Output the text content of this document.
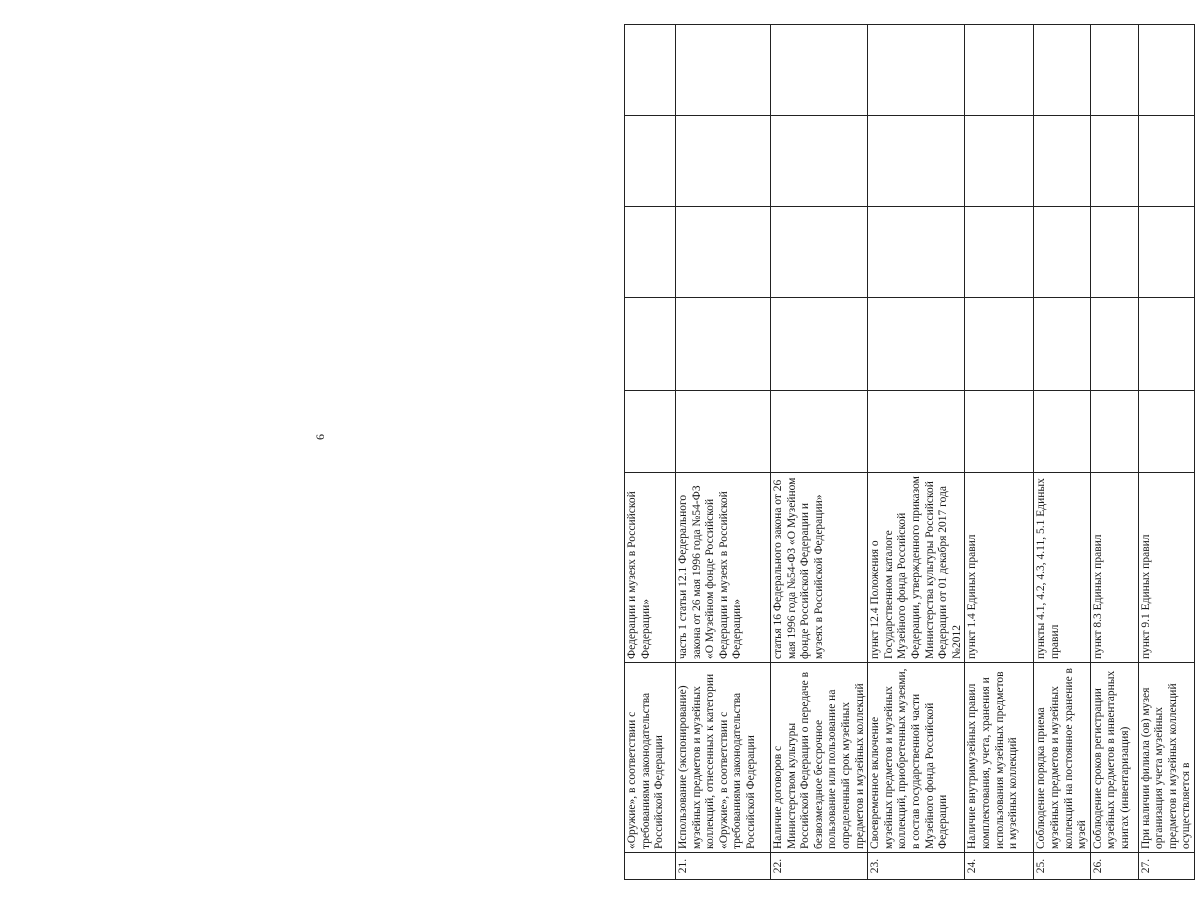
6
	«Оружие», в соответствии с требованиями законодательства Российской Федерации	Федерации и музеях в Российской Федерации»					
21.	Использование (экспонирование) музейных предметов и музейных коллекций, отнесенных к категории «Оружие», в соответствии с требованиями законодательства Российской Федерации	часть 1 статьи 12.1 Федерального закона от 26 мая 1996 года №54-ФЗ «О Музейном фонде Российской Федерации и музеях в Российской Федерации»					
22.	Наличие договоров с Министерством культуры Российской Федерации о передаче в безвозмездное бессрочное пользование или пользование на определенный срок музейных предметов и музейных коллекций	статья 16 Федерального закона от 26 мая 1996 года №54-ФЗ «О Музейном фонде Российской Федерации и музеях в Российской Федерации»					
23.	Своевременное включение музейных предметов и музейных коллекций, приобретенных музеями, в состав государственной части Музейного фонда Российской Федерации	пункт 12.4 Положения о Государственном каталоге Музейного фонда Российской Федерации, утвержденного приказом Министерства культуры Российской Федерации от 01 декабря 2017 года №2012					
24.	Наличие внутримузейных правил комплектования, учета, хранения и использования музейных предметов и музейных коллекций	пункт 1.4 Единых правил					
25.	Соблюдение порядка приема музейных предметов и музейных коллекций на постоянное хранение в музей	пункты 4.1, 4.2, 4.3, 4.11, 5.1 Единых правил					
26.	Соблюдение сроков регистрации музейных предметов в инвентарных книгах (инвентаризация)	пункт 8.3 Единых правил					
27.	При наличии филиала (ов) музея организация учета музейных предметов и музейных коллекций осуществляется в	пункт 9.1 Единых правил					
